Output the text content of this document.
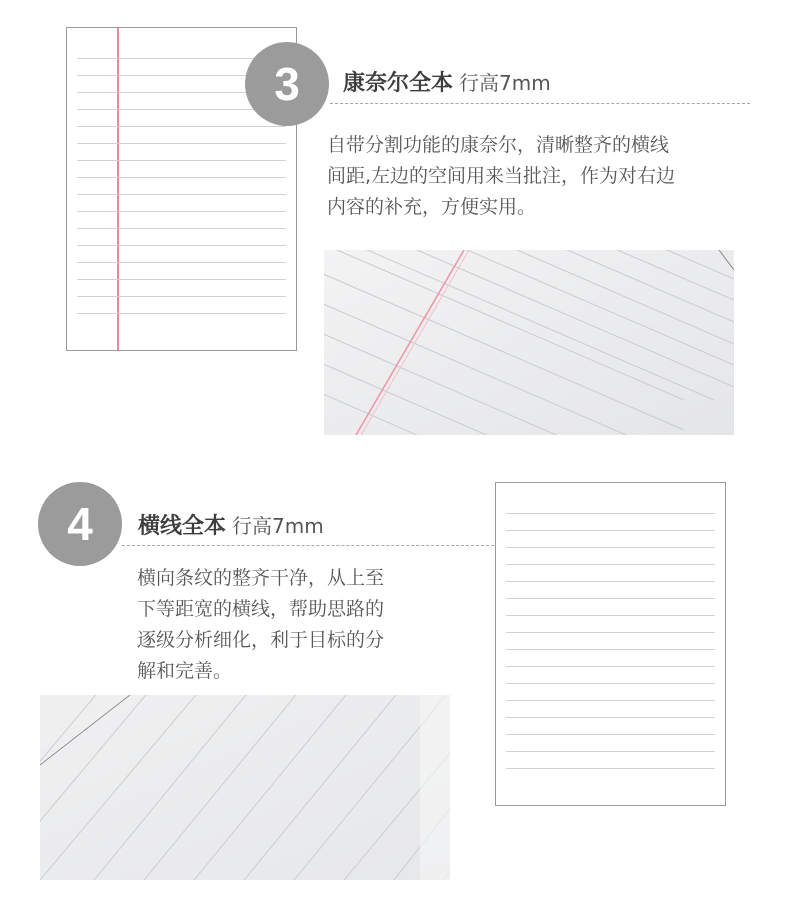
3	康奈尔全本 行高7mm
自带分割功能的康奈尔，清晰整齐的横线
间距,左边的空间用来当批注，作为对右边
内容的补充，方便实用。
4	横线全本 行高7mm
横向条纹的整齐干净，从上至
下等距宽的横线，帮助思路的
逐级分析细化，利于目标的分
解和完善。
